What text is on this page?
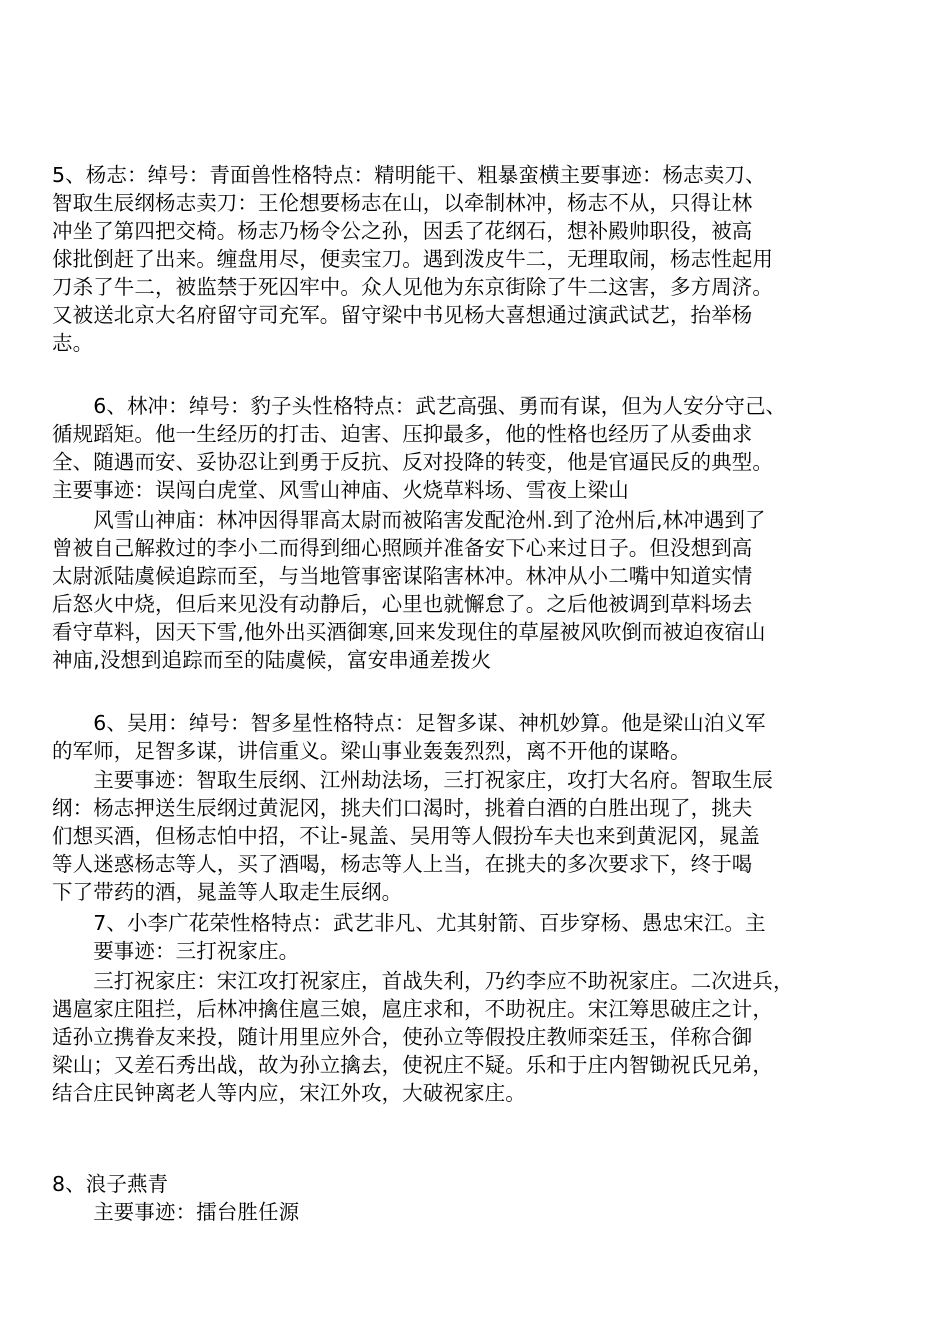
5、杨志：绰号：青面兽性格特点：精明能干、粗暴蛮横主要事迹：杨志卖刀、
智取生辰纲杨志卖刀：王伦想要杨志在山，以牵制林冲，杨志不从，只得让林
冲坐了第四把交椅。杨志乃杨令公之孙，因丢了花纲石，想补殿帅职役，被高
俅批倒赶了出来。缠盘用尽，便卖宝刀。遇到泼皮牛二，无理取闹，杨志性起用
刀杀了牛二，被监禁于死囚牢中。众人见他为东京街除了牛二这害，多方周济。
又被送北京大名府留守司充军。留守梁中书见杨大喜想通过演武试艺，抬举杨
志。

　　6、林冲：绰号：豹子头性格特点：武艺高强、勇而有谋，但为人安分守己、
循规蹈矩。他一生经历的打击、迫害、压抑最多，他的性格也经历了从委曲求
全、随遇而安、妥协忍让到勇于反抗、反对投降的转变，他是官逼民反的典型。
主要事迹：误闯白虎堂、风雪山神庙、火烧草料场、雪夜上梁山

　　风雪山神庙：林冲因得罪高太尉而被陷害发配沧州.到了沧州后,林冲遇到了
曾被自己解救过的李小二而得到细心照顾并准备安下心来过日子。但没想到高
太尉派陆虞候追踪而至，与当地管事密谋陷害林冲。林冲从小二嘴中知道实情
后怒火中烧，但后来见没有动静后，心里也就懈怠了。之后他被调到草料场去
看守草料，因天下雪,他外出买酒御寒,回来发现住的草屋被风吹倒而被迫夜宿山
神庙,没想到追踪而至的陆虞候，富安串通差拨火

　　6、吴用：绰号：智多星性格特点：足智多谋、神机妙算。他是梁山泊义军
的军师，足智多谋，讲信重义。梁山事业轰轰烈烈，离不开他的谋略。

　　主要事迹：智取生辰纲、江州劫法场，三打祝家庄，攻打大名府。智取生辰
纲：杨志押送生辰纲过黄泥冈，挑夫们口渴时，挑着白酒的白胜出现了，挑夫
们想买酒，但杨志怕中招，不让-晁盖、吴用等人假扮车夫也来到黄泥冈，晁盖
等人迷惑杨志等人，买了酒喝，杨志等人上当，在挑夫的多次要求下，终于喝
下了带药的酒，晁盖等人取走生辰纲。

　　7、小李广花荣性格特点：武艺非凡、尤其射箭、百步穿杨、愚忠宋江。主
　　要事迹：三打祝家庄。

　　三打祝家庄：宋江攻打祝家庄，首战失利，乃约李应不助祝家庄。二次进兵，
遇扈家庄阻拦，后林冲擒住扈三娘，扈庄求和，不助祝庄。宋江筹思破庄之计，
适孙立携眷友来投，随计用里应外合，使孙立等假投庄教师栾廷玉，佯称合御
梁山；又差石秀出战，故为孙立擒去，使祝庄不疑。乐和于庄内智锄祝氏兄弟，
结合庄民钟离老人等内应，宋江外攻，大破祝家庄。

8、浪子燕青

　　主要事迹：擂台胜任源
